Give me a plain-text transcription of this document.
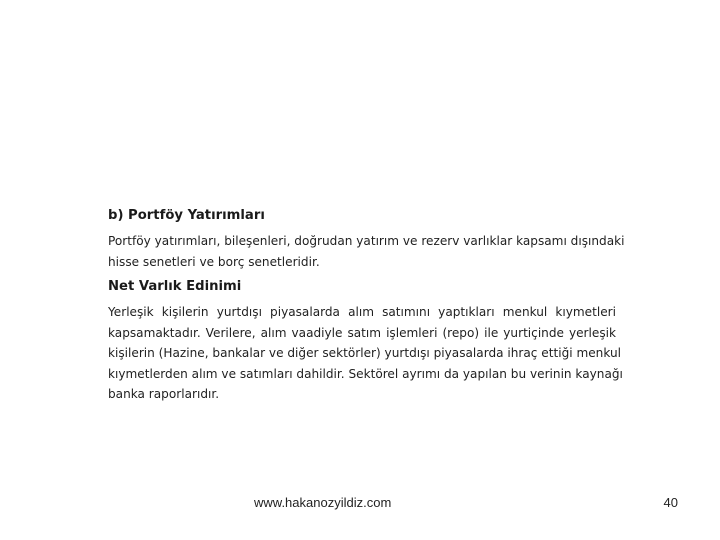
b) Portföy Yatırımları

Portföy yatırımları, bileşenleri, doğrudan yatırım ve rezerv varlıklar kapsamı dışındaki
hisse senetleri ve borç senetleridir.

Net Varlık Edinimi

Yerleşik kişilerin yurtdışı piyasalarda alım satımını yaptıkları menkul kıymetleri
kapsamaktadır. Verilere, alım vaadiyle satım işlemleri (repo) ile yurtiçinde yerleşik
kişilerin (Hazine, bankalar ve diğer sektörler) yurtdışı piyasalarda ihraç ettiği menkul
kıymetlerden alım ve satımları dahildir. Sektörel ayrımı da yapılan bu verinin kaynağı
banka raporlarıdır.

www.hakanozyildiz.com	40
